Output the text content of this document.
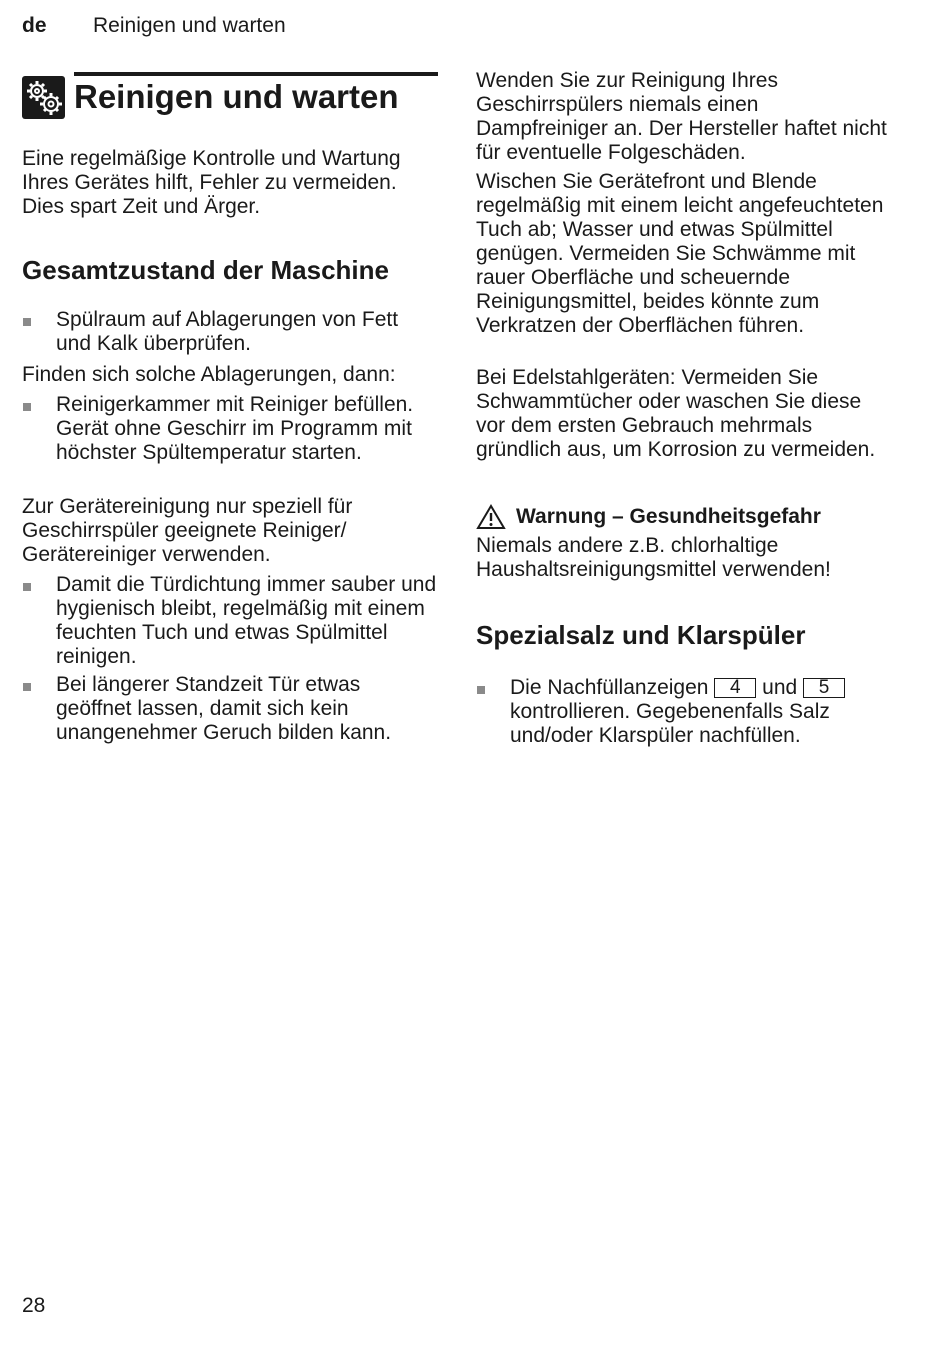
de Reinigen und warten
Reinigen und warten

Eine regelmäßige Kontrolle und Wartung Ihres Gerätes hilft, Fehler zu vermeiden. Dies spart Zeit und Ärger.

Gesamtzustand der Maschine
Spülraum auf Ablagerungen von Fett und Kalk überprüfen.

Finden sich solche Ablagerungen, dann:

Reinigerkammer mit Reiniger befüllen. Gerät ohne Geschirr im Programm mit höchster Spültemperatur starten.

Zur Gerätereinigung nur speziell für Geschirrspüler geeignete Reiniger/ Gerätereiniger verwenden.

Damit die Türdichtung immer sauber und hygienisch bleibt, regelmäßig mit einem feuchten Tuch und etwas Spülmittel reinigen.
Bei längerer Standzeit Tür etwas geöffnet lassen, damit sich kein unangenehmer Geruch bilden kann.

Wenden Sie zur Reinigung Ihres Geschirrspülers niemals einen Dampfreiniger an. Der Hersteller haftet nicht für eventuelle Folgeschäden.

Wischen Sie Gerätefront und Blende regelmäßig mit einem leicht angefeuchteten Tuch ab; Wasser und etwas Spülmittel genügen. Vermeiden Sie Schwämme mit rauer Oberfläche und scheuernde Reinigungsmittel, beides könnte zum Verkratzen der Oberflächen führen.

Bei Edelstahlgeräten: Vermeiden Sie Schwammtücher oder waschen Sie diese vor dem ersten Gebrauch mehrmals gründlich aus, um Korrosion zu vermeiden.

Warnung – Gesundheitsgefahr

Niemals andere z.B. chlorhaltige Haushaltsreinigungsmittel verwenden!

Spezialsalz und Klarspüler
Die Nachfüllanzeigen 4 und 5 kontrollieren. Gegebenenfalls Salz und/oder Klarspüler nachfüllen.
28
